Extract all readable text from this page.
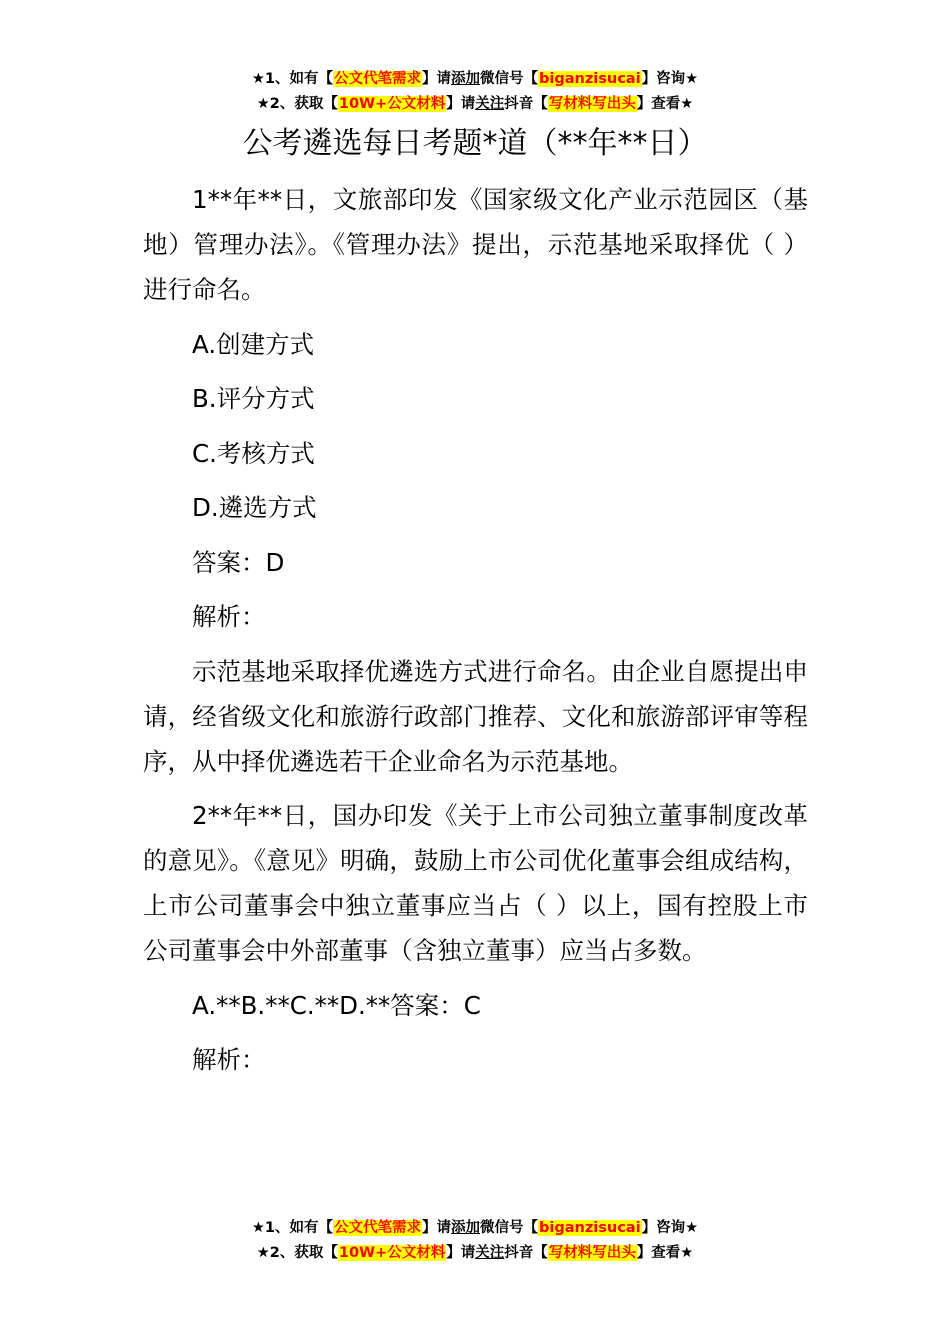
★1、如有【公文代笔需求】请添加微信号【biganzisucai】咨询★
★2、获取【10W+公文材料】请关注抖音【写材料写出头】查看★
公考遴选每日考题*道（**年**日）

1**年**日，文旅部印发《国家级文化产业示范园区（基地）管理办法》。《管理办法》提出，示范基地采取择优（ ）进行命名。

A.创建方式

B.评分方式

C.考核方式

D.遴选方式

答案：D

解析：

示范基地采取择优遴选方式进行命名。由企业自愿提出申请，经省级文化和旅游行政部门推荐、文化和旅游部评审等程序，从中择优遴选若干企业命名为示范基地。

2**年**日，国办印发《关于上市公司独立董事制度改革的意见》。《意见》明确，鼓励上市公司优化董事会组成结构，上市公司董事会中独立董事应当占（ ）以上，国有控股上市公司董事会中外部董事（含独立董事）应当占多数。

A.**B.**C.**D.**答案：C

解析：

★1、如有【公文代笔需求】请添加微信号【biganzisucai】咨询★
★2、获取【10W+公文材料】请关注抖音【写材料写出头】查看★
